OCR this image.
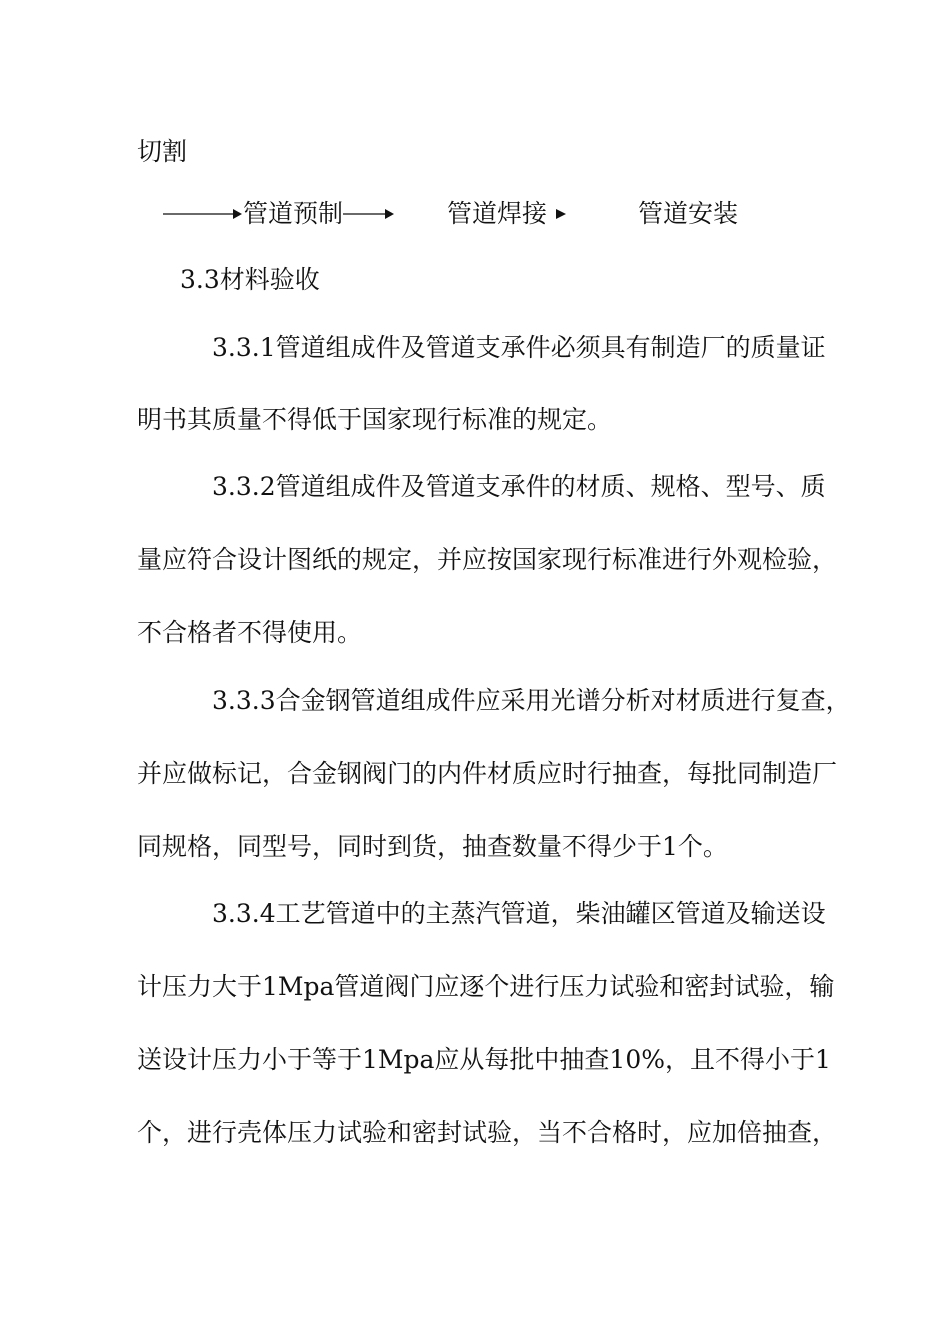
切割
管道预制	管道焊接	管道安装
3.3材料验收
3.3.1管道组成件及管道支承件必须具有制造厂的质量证
明书其质量不得低于国家现行标准的规定。
3.3.2管道组成件及管道支承件的材质、规格、型号、质
量应符合设计图纸的规定，并应按国家现行标准进行外观检验，
不合格者不得使用。
3.3.3合金钢管道组成件应采用光谱分析对材质进行复查，
并应做标记，合金钢阀门的内件材质应时行抽查，每批同制造厂
同规格，同型号，同时到货，抽查数量不得少于1个。
3.3.4工艺管道中的主蒸汽管道，柴油罐区管道及输送设
计压力大于1Mpa管道阀门应逐个进行压力试验和密封试验，输
送设计压力小于等于1Mpa应从每批中抽查10%，且不得小于1
个，进行壳体压力试验和密封试验，当不合格时，应加倍抽查，
